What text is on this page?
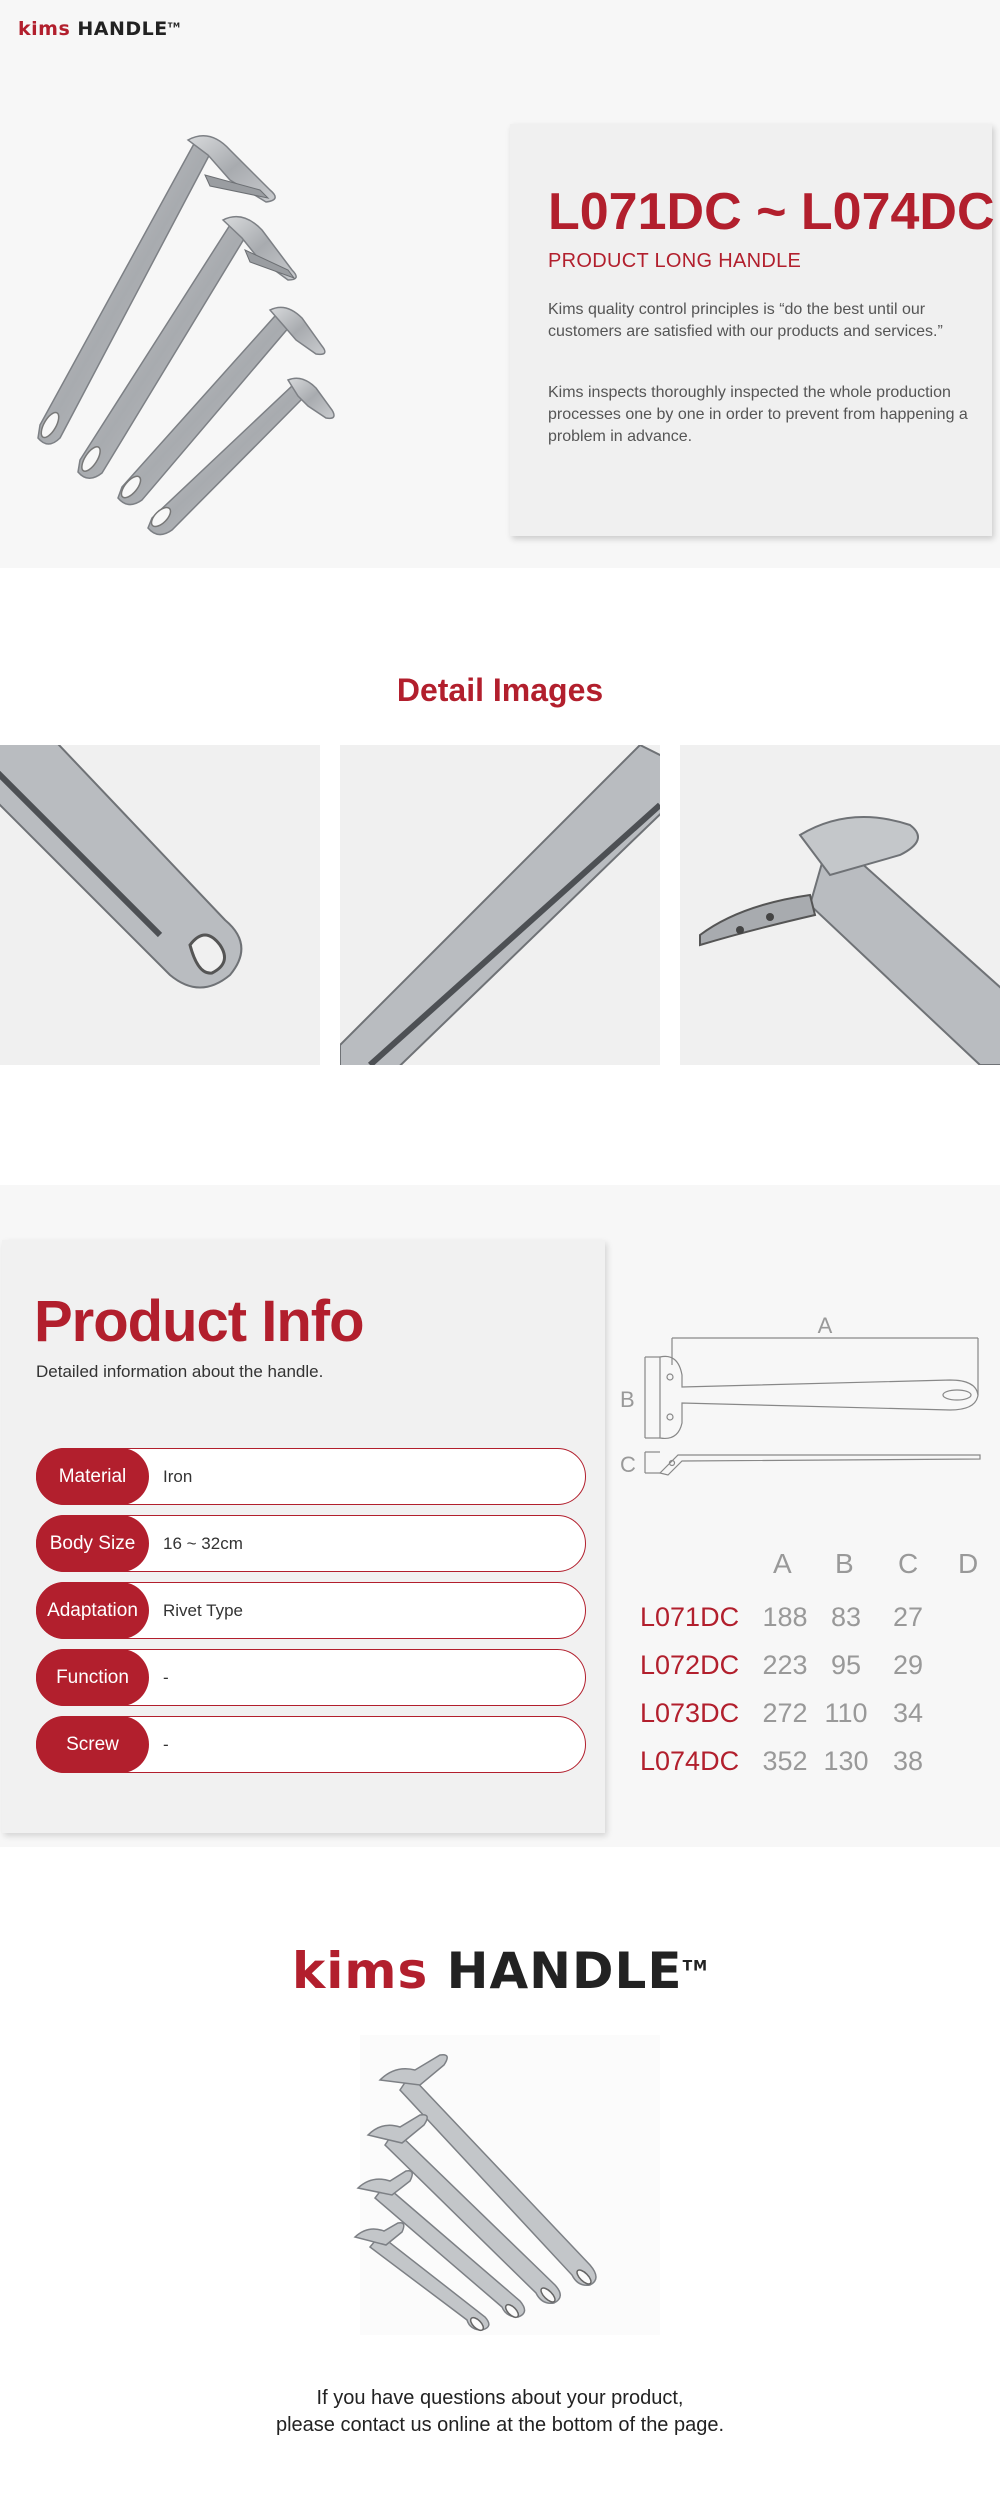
kims HANDLE™
L071DC ~ L074DC
PRODUCT LONG HANDLE

Kims quality control principles is “do the best until our customers are satisfied with our products and services.”

Kims inspects thoroughly inspected the whole production processes one by one in order to prevent from happening a problem in advance.

Detail Images
Product Info
Detailed information about the handle.
Material	Iron
Body Size	16 ~ 32cm
Adaptation	Rivet Type
Function	-
Screw	-
A
B
C
A B C D
L071DC 188 83	27
L072DC 223 95	29
L073DC 272 110 34
L074DC 352 130 38
kims HANDLE™
If you have questions about your product,
please contact us online at the bottom of the page.
